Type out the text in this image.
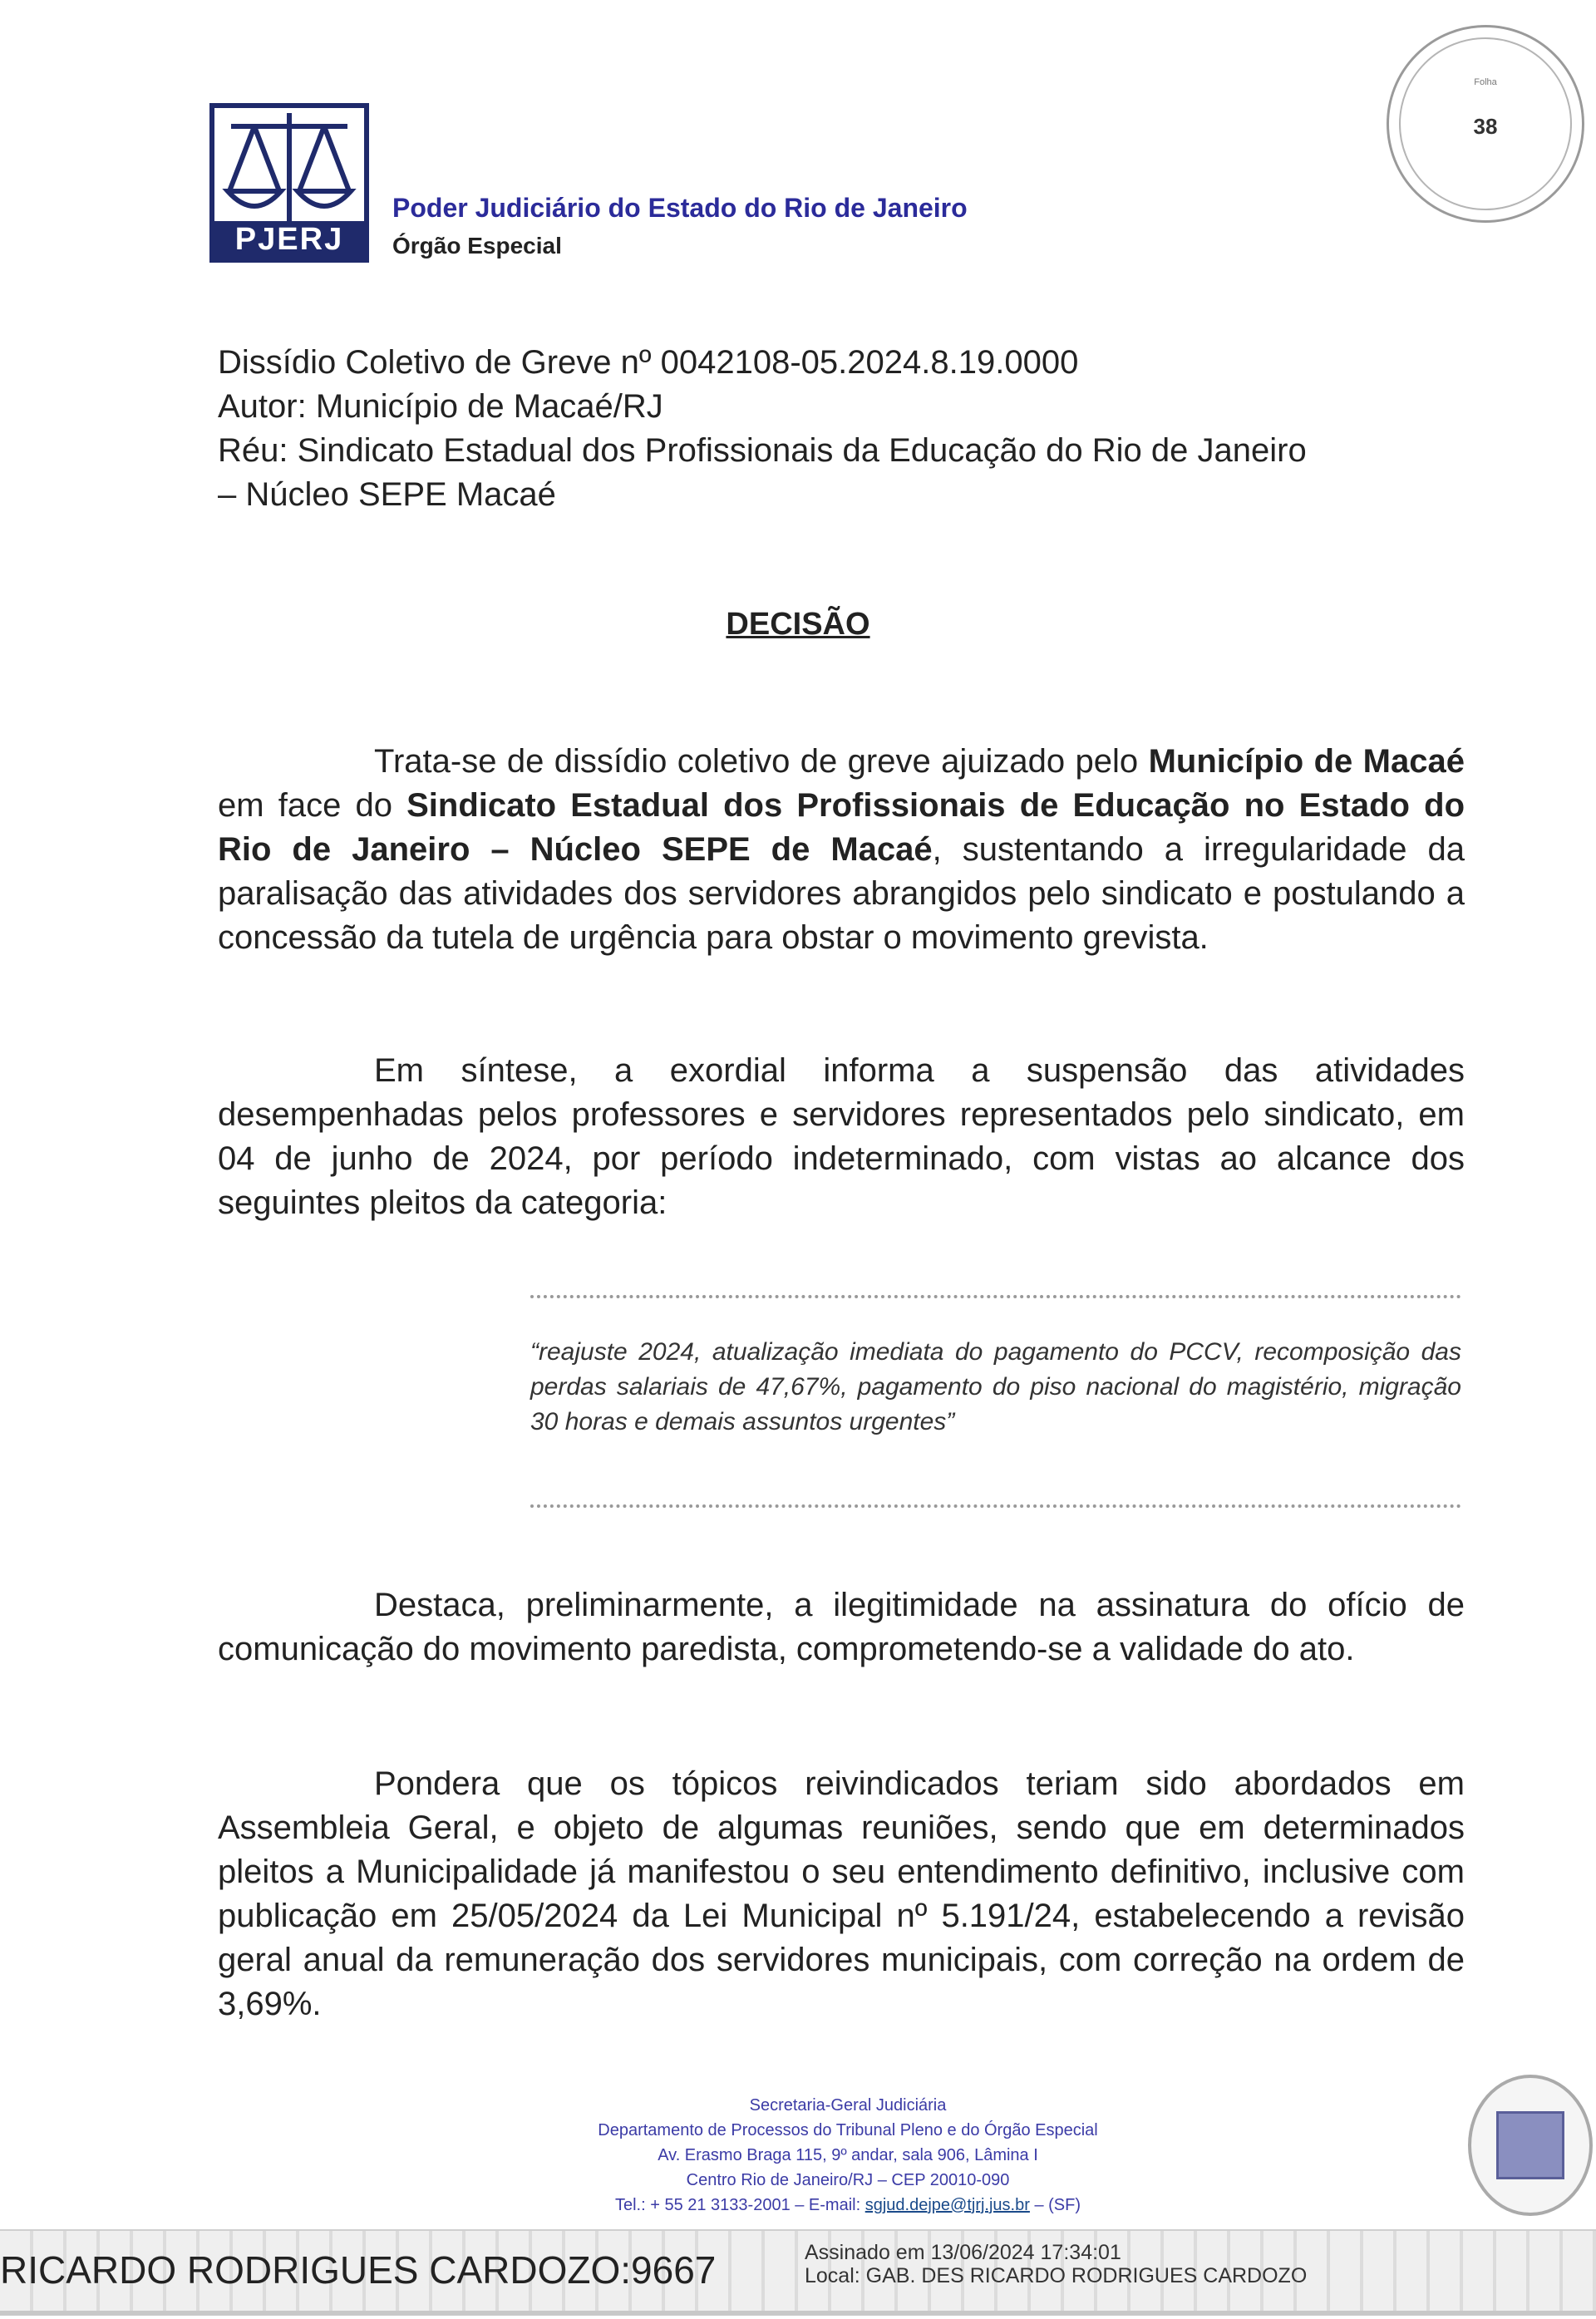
Folha
38
PJERJ
Poder Judiciário do Estado do Rio de Janeiro
Órgão Especial
Dissídio Coletivo de Greve nº 0042108-05.2024.8.19.0000
Autor: Município de Macaé/RJ
Réu: Sindicato Estadual dos Profissionais da Educação do Rio de Janeiro
– Núcleo SEPE Macaé
DECISÃO
Trata-se de dissídio coletivo de greve ajuizado pelo Município de Macaé em face do Sindicato Estadual dos Profissionais de Educação no Estado do Rio de Janeiro – Núcleo SEPE de Macaé, sustentando a irregularidade da paralisação das atividades dos servidores abrangidos pelo sindicato e postulando a concessão da tutela de urgência para obstar o movimento grevista.
Em síntese, a exordial informa a suspensão das atividades desempenhadas pelos professores e servidores representados pelo sindicato, em 04 de junho de 2024, por período indeterminado, com vistas ao alcance dos seguintes pleitos da categoria:
“reajuste 2024, atualização imediata do pagamento do PCCV, recomposição das perdas salariais de 47,67%, pagamento do piso nacional do magistério, migração 30 horas e demais assuntos urgentes”
Destaca, preliminarmente, a ilegitimidade na assinatura do ofício de comunicação do movimento paredista, comprometendo-se a validade do ato.
Pondera que os tópicos reivindicados teriam sido abordados em Assembleia Geral, e objeto de algumas reuniões, sendo que em determinados pleitos a Municipalidade já manifestou o seu entendimento definitivo, inclusive com publicação em 25/05/2024 da Lei Municipal nº 5.191/24, estabelecendo a revisão geral anual da remuneração dos servidores municipais, com correção na ordem de 3,69%.
Secretaria-Geral Judiciária
Departamento de Processos do Tribunal Pleno e do Órgão Especial
Av. Erasmo Braga 115, 9º andar, sala 906, Lâmina I
Centro Rio de Janeiro/RJ – CEP 20010-090
Tel.: + 55 21 3133-2001 – E-mail: sgjud.dejpe@tjrj.jus.br – (SF)
RICARDO RODRIGUES CARDOZO:9667	Assinado em 13/06/2024 17:34:01
Local: GAB. DES RICARDO RODRIGUES CARDOZO
